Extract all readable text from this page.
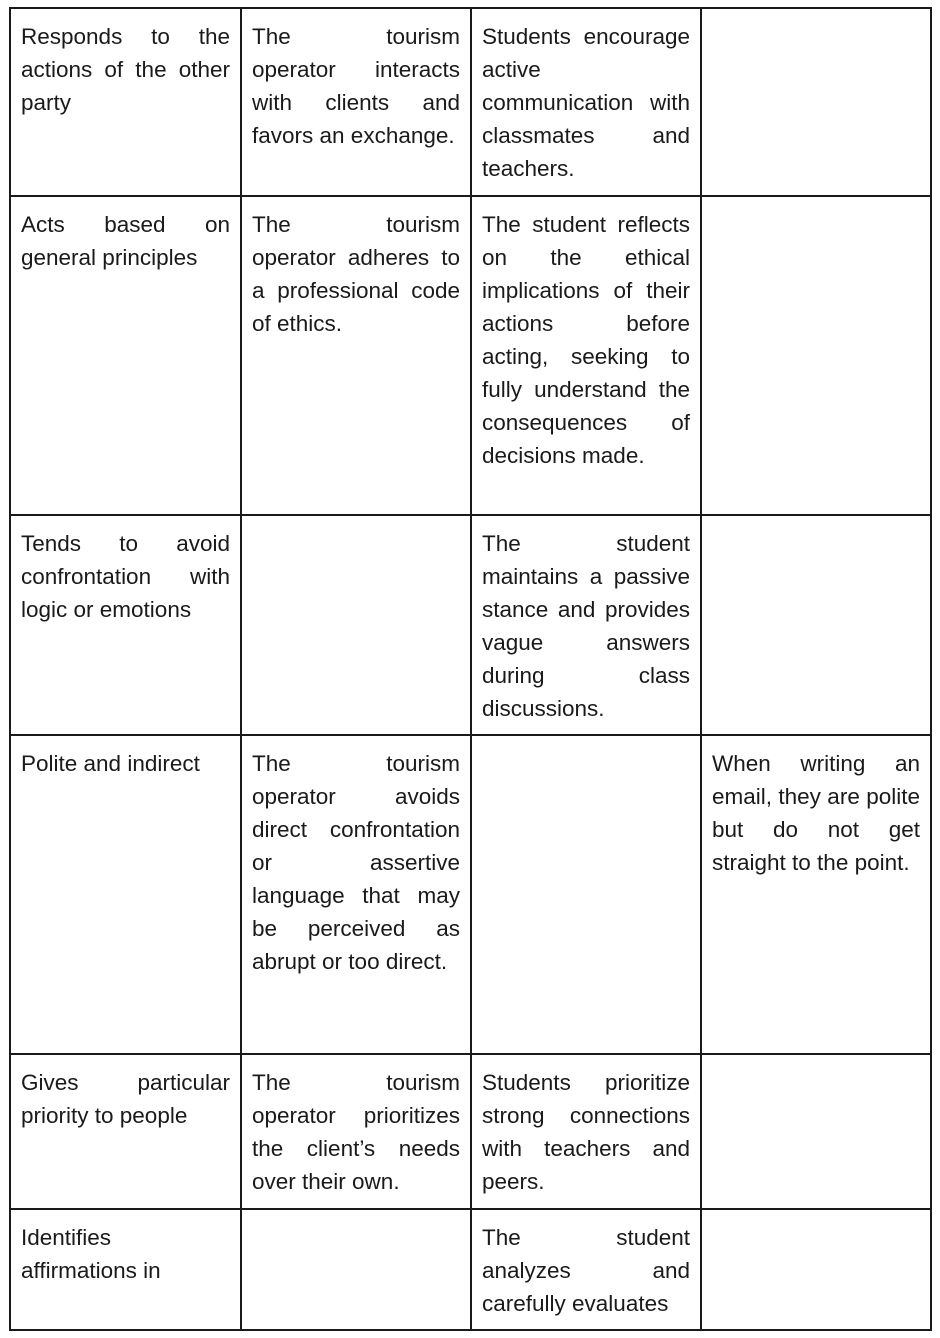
Responds to the actions of the other party	The tourism operator interacts with clients and favors an exchange.	Students encourage active communication with classmates and teachers.	
Acts based on general principles	The tourism operator adheres to a professional code of ethics.	The student reflects on the ethical implications of their actions before acting, seeking to fully understand the consequences of decisions made.	
Tends to avoid confrontation with logic or emotions		The student maintains a passive stance and provides vague answers during class discussions.	
Polite and indirect	The tourism operator avoids direct confrontation or assertive language that may be perceived as abrupt or too direct.		When writing an email, they are polite but do not get straight to the point.
Gives particular priority to people	The tourism operator prioritizes the client’s needs over their own.	Students prioritize strong connections with teachers and peers.	
Identifies affirmations in		The student analyzes and carefully evaluates	
